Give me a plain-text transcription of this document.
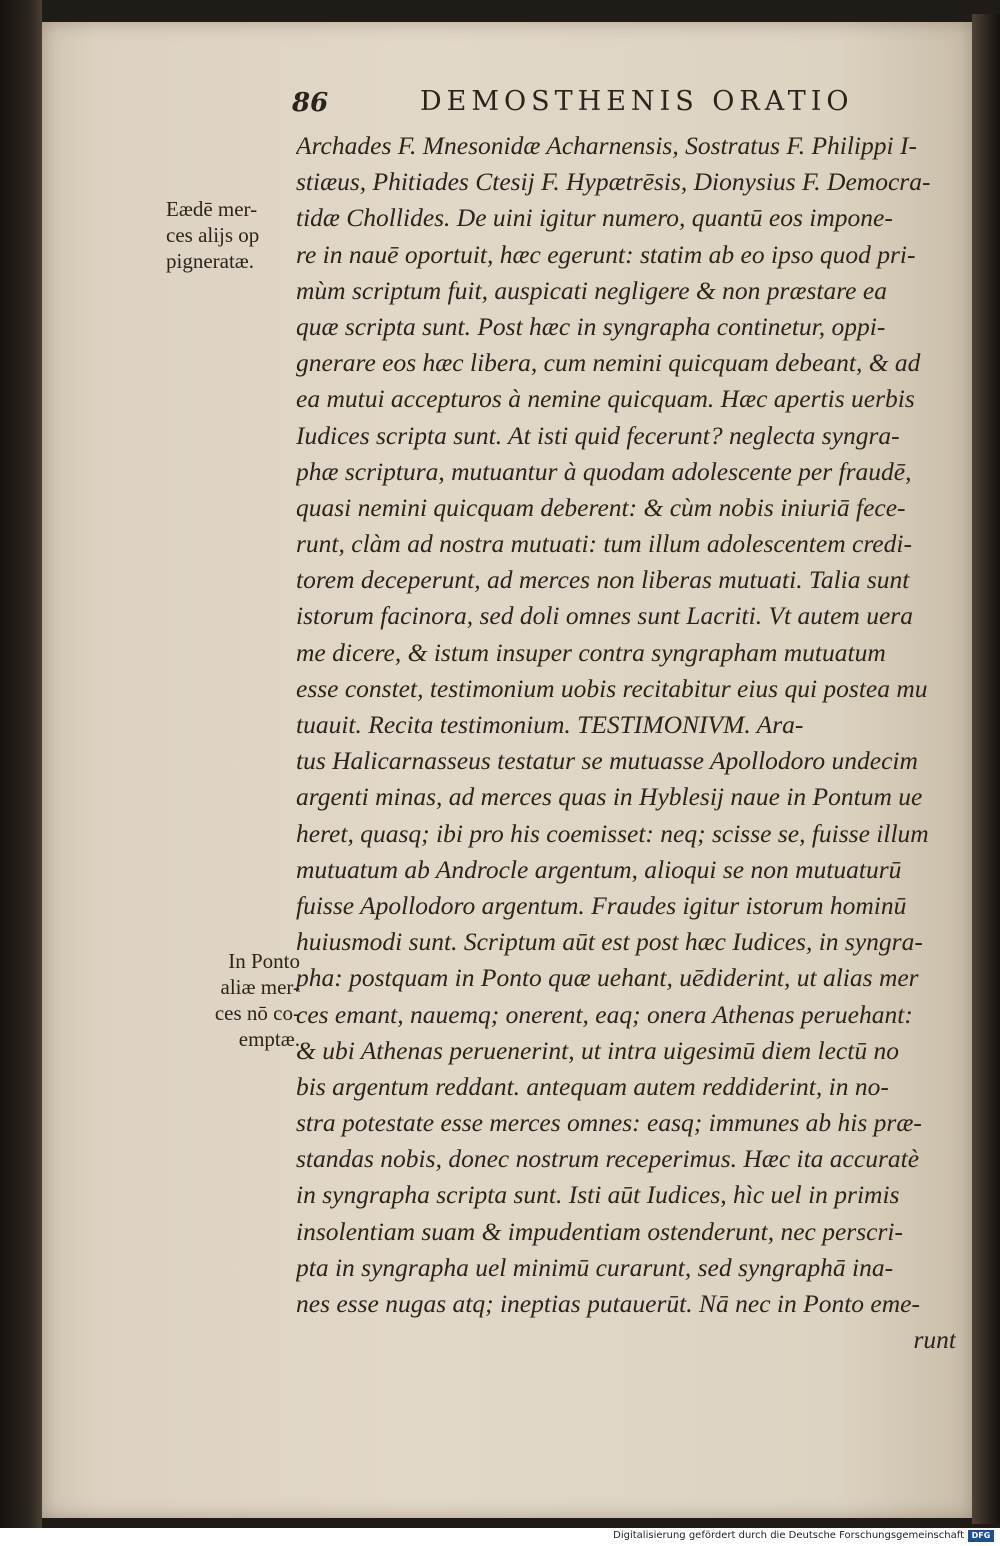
86	DEMOSTHENIS ORATIO
Eædē mer-
ces alijs op
pigneratæ.
In Ponto
aliæ mer-
ces nō co-
emptæ.
Archades F. Mnesonidæ Acharnensis, Sostratus F. Philippi I-
stiæus, Phitiades Ctesij F. Hypætrēsis, Dionysius F. Democra-
tidæ Chollides. De uini igitur numero, quantū eos impone-
re in nauē oportuit, hæc egerunt: statim ab eo ipso quod pri-
mùm scriptum fuit, auspicati negligere & non præstare ea
quæ scripta sunt. Post hæc in syngrapha continetur, oppi-
gnerare eos hæc libera, cum nemini quicquam debeant, & ad
ea mutui accepturos à nemine quicquam. Hæc apertis uerbis
Iudices scripta sunt. At isti quid fecerunt? neglecta syngra-
phæ scriptura, mutuantur à quodam adolescente per fraudē,
quasi nemini quicquam deberent: & cùm nobis iniuriā fece-
runt, clàm ad nostra mutuati: tum illum adolescentem credi-
torem deceperunt, ad merces non liberas mutuati. Talia sunt
istorum facinora, sed doli omnes sunt Lacriti. Vt autem uera
me dicere, & istum insuper contra syngrapham mutuatum
esse constet, testimonium uobis recitabitur eius qui postea mu
tuauit. Recita testimonium. TESTIMONIVM. Ara-
tus Halicarnasseus testatur se mutuasse Apollodoro undecim
argenti minas, ad merces quas in Hyblesij naue in Pontum ue
heret, quasq; ibi pro his coemisset: neq; scisse se, fuisse illum
mutuatum ab Androcle argentum, alioqui se non mutuaturū
fuisse Apollodoro argentum. Fraudes igitur istorum hominū
huiusmodi sunt. Scriptum aūt est post hæc Iudices, in syngra-
pha: postquam in Ponto quæ uehant, uēdiderint, ut alias mer
ces emant, nauemq; onerent, eaq; onera Athenas peruehant:
& ubi Athenas peruenerint, ut intra uigesimū diem lectū no
bis argentum reddant. antequam autem reddiderint, in no-
stra potestate esse merces omnes: easq; immunes ab his præ-
standas nobis, donec nostrum receperimus. Hæc ita accuratè
in syngrapha scripta sunt. Isti aūt Iudices, hìc uel in primis
insolentiam suam & impudentiam ostenderunt, nec perscri-
pta in syngrapha uel minimū curarunt, sed syngraphā ina-
nes esse nugas atq; ineptias putauerūt. Nā nec in Ponto eme-
runt
Digitalisierung gefördert durch die Deutsche Forschungsgemeinschaft DFG
